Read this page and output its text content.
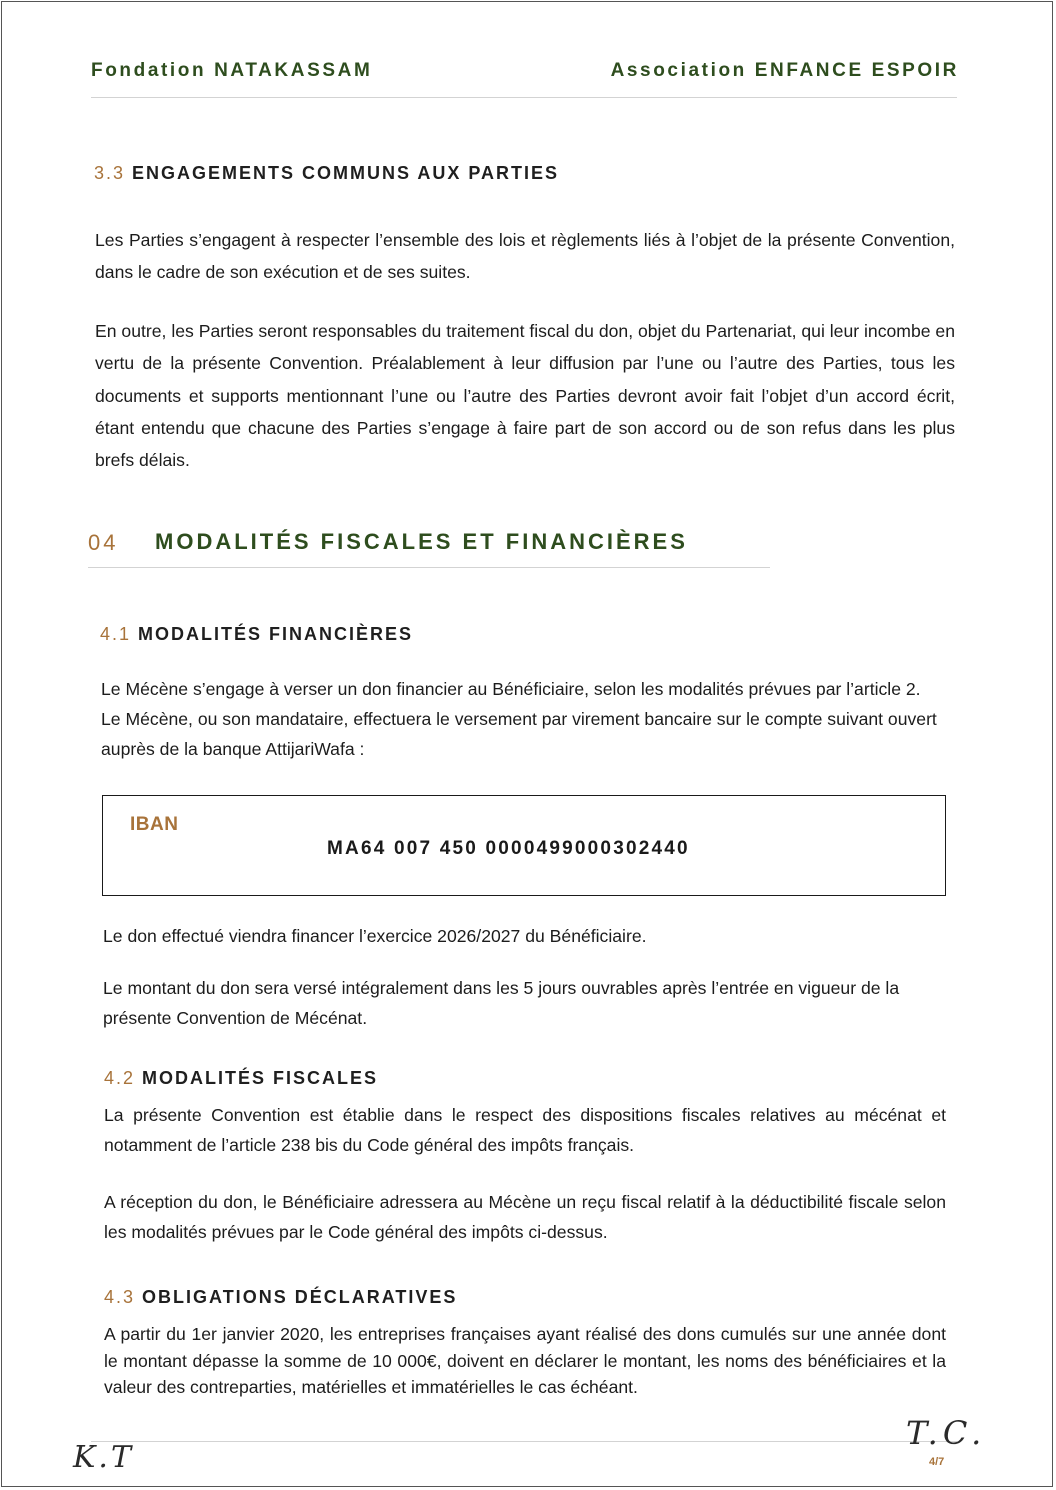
Fondation NATAKASSAM	Association ENFANCE ESPOIR
3.3 ENGAGEMENTS COMMUNS AUX PARTIES

Les Parties s’engagent à respecter l’ensemble des lois et règlements liés à l’objet de la présente Convention, dans le cadre de son exécution et de ses suites.

En outre, les Parties seront responsables du traitement fiscal du don, objet du Partenariat, qui leur incombe en vertu de la présente Convention. Préalablement à leur diffusion par l’une ou l’autre des Parties, tous les documents et supports mentionnant l’une ou l’autre des Parties devront avoir fait l’objet d’un accord écrit, étant entendu que chacune des Parties s’engage à faire part de son accord ou de son refus dans les plus brefs délais.

04 MODALITÉS FISCALES ET FINANCIÈRES
4.1 MODALITÉS FINANCIÈRES

Le Mécène s’engage à verser un don financier au Bénéficiaire, selon les modalités prévues par l’article 2. Le Mécène, ou son mandataire, effectuera le versement par virement bancaire sur le compte suivant ouvert auprès de la banque AttijariWafa :

IBAN
MA64 007 450 0000499000302440

Le don effectué viendra financer l’exercice 2026/2027 du Bénéficiaire.

Le montant du don sera versé intégralement dans les 5 jours ouvrables après l’entrée en vigueur de la présente Convention de Mécénat.

4.2 MODALITÉS FISCALES

La présente Convention est établie dans le respect des dispositions fiscales relatives au mécénat et notamment de l’article 238 bis du Code général des impôts français.

A réception du don, le Bénéficiaire adressera au Mécène un reçu fiscal relatif à la déductibilité fiscale selon les modalités prévues par le Code général des impôts ci-dessus.

4.3 OBLIGATIONS DÉCLARATIVES

A partir du 1er janvier 2020, les entreprises françaises ayant réalisé des dons cumulés sur une année dont le montant dépasse la somme de 10 000€, doivent en déclarer le montant, les noms des bénéficiaires et la valeur des contreparties, matérielles et immatérielles le cas échéant.

K.T
T.C.
4/7
